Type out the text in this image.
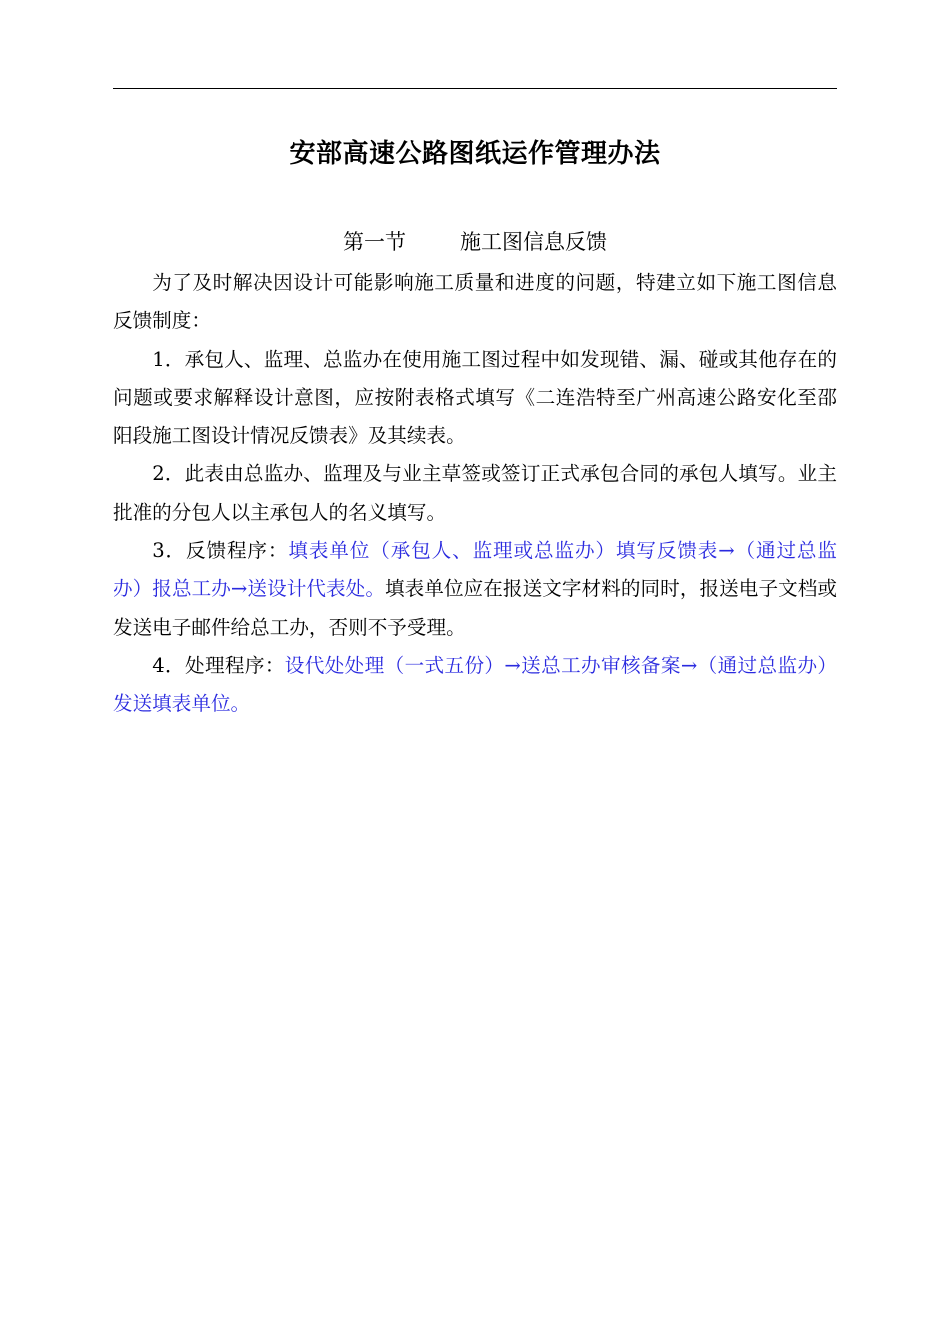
安部高速公路图纸运作管理办法
第一节	施工图信息反馈

为了及时解决因设计可能影响施工质量和进度的问题，特建立如下施工图信息反馈制度：

1．承包人、监理、总监办在使用施工图过程中如发现错、漏、碰或其他存在的问题或要求解释设计意图，应按附表格式填写《二连浩特至广州高速公路安化至邵阳段施工图设计情况反馈表》及其续表。

2．此表由总监办、监理及与业主草签或签订正式承包合同的承包人填写。业主批准的分包人以主承包人的名义填写。

3．反馈程序：填表单位（承包人、监理或总监办）填写反馈表→（通过总监办）报总工办→送设计代表处。填表单位应在报送文字材料的同时，报送电子文档或发送电子邮件给总工办，否则不予受理。

4．处理程序：设代处处理（一式五份）→送总工办审核备案→（通过总监办）发送填表单位。
